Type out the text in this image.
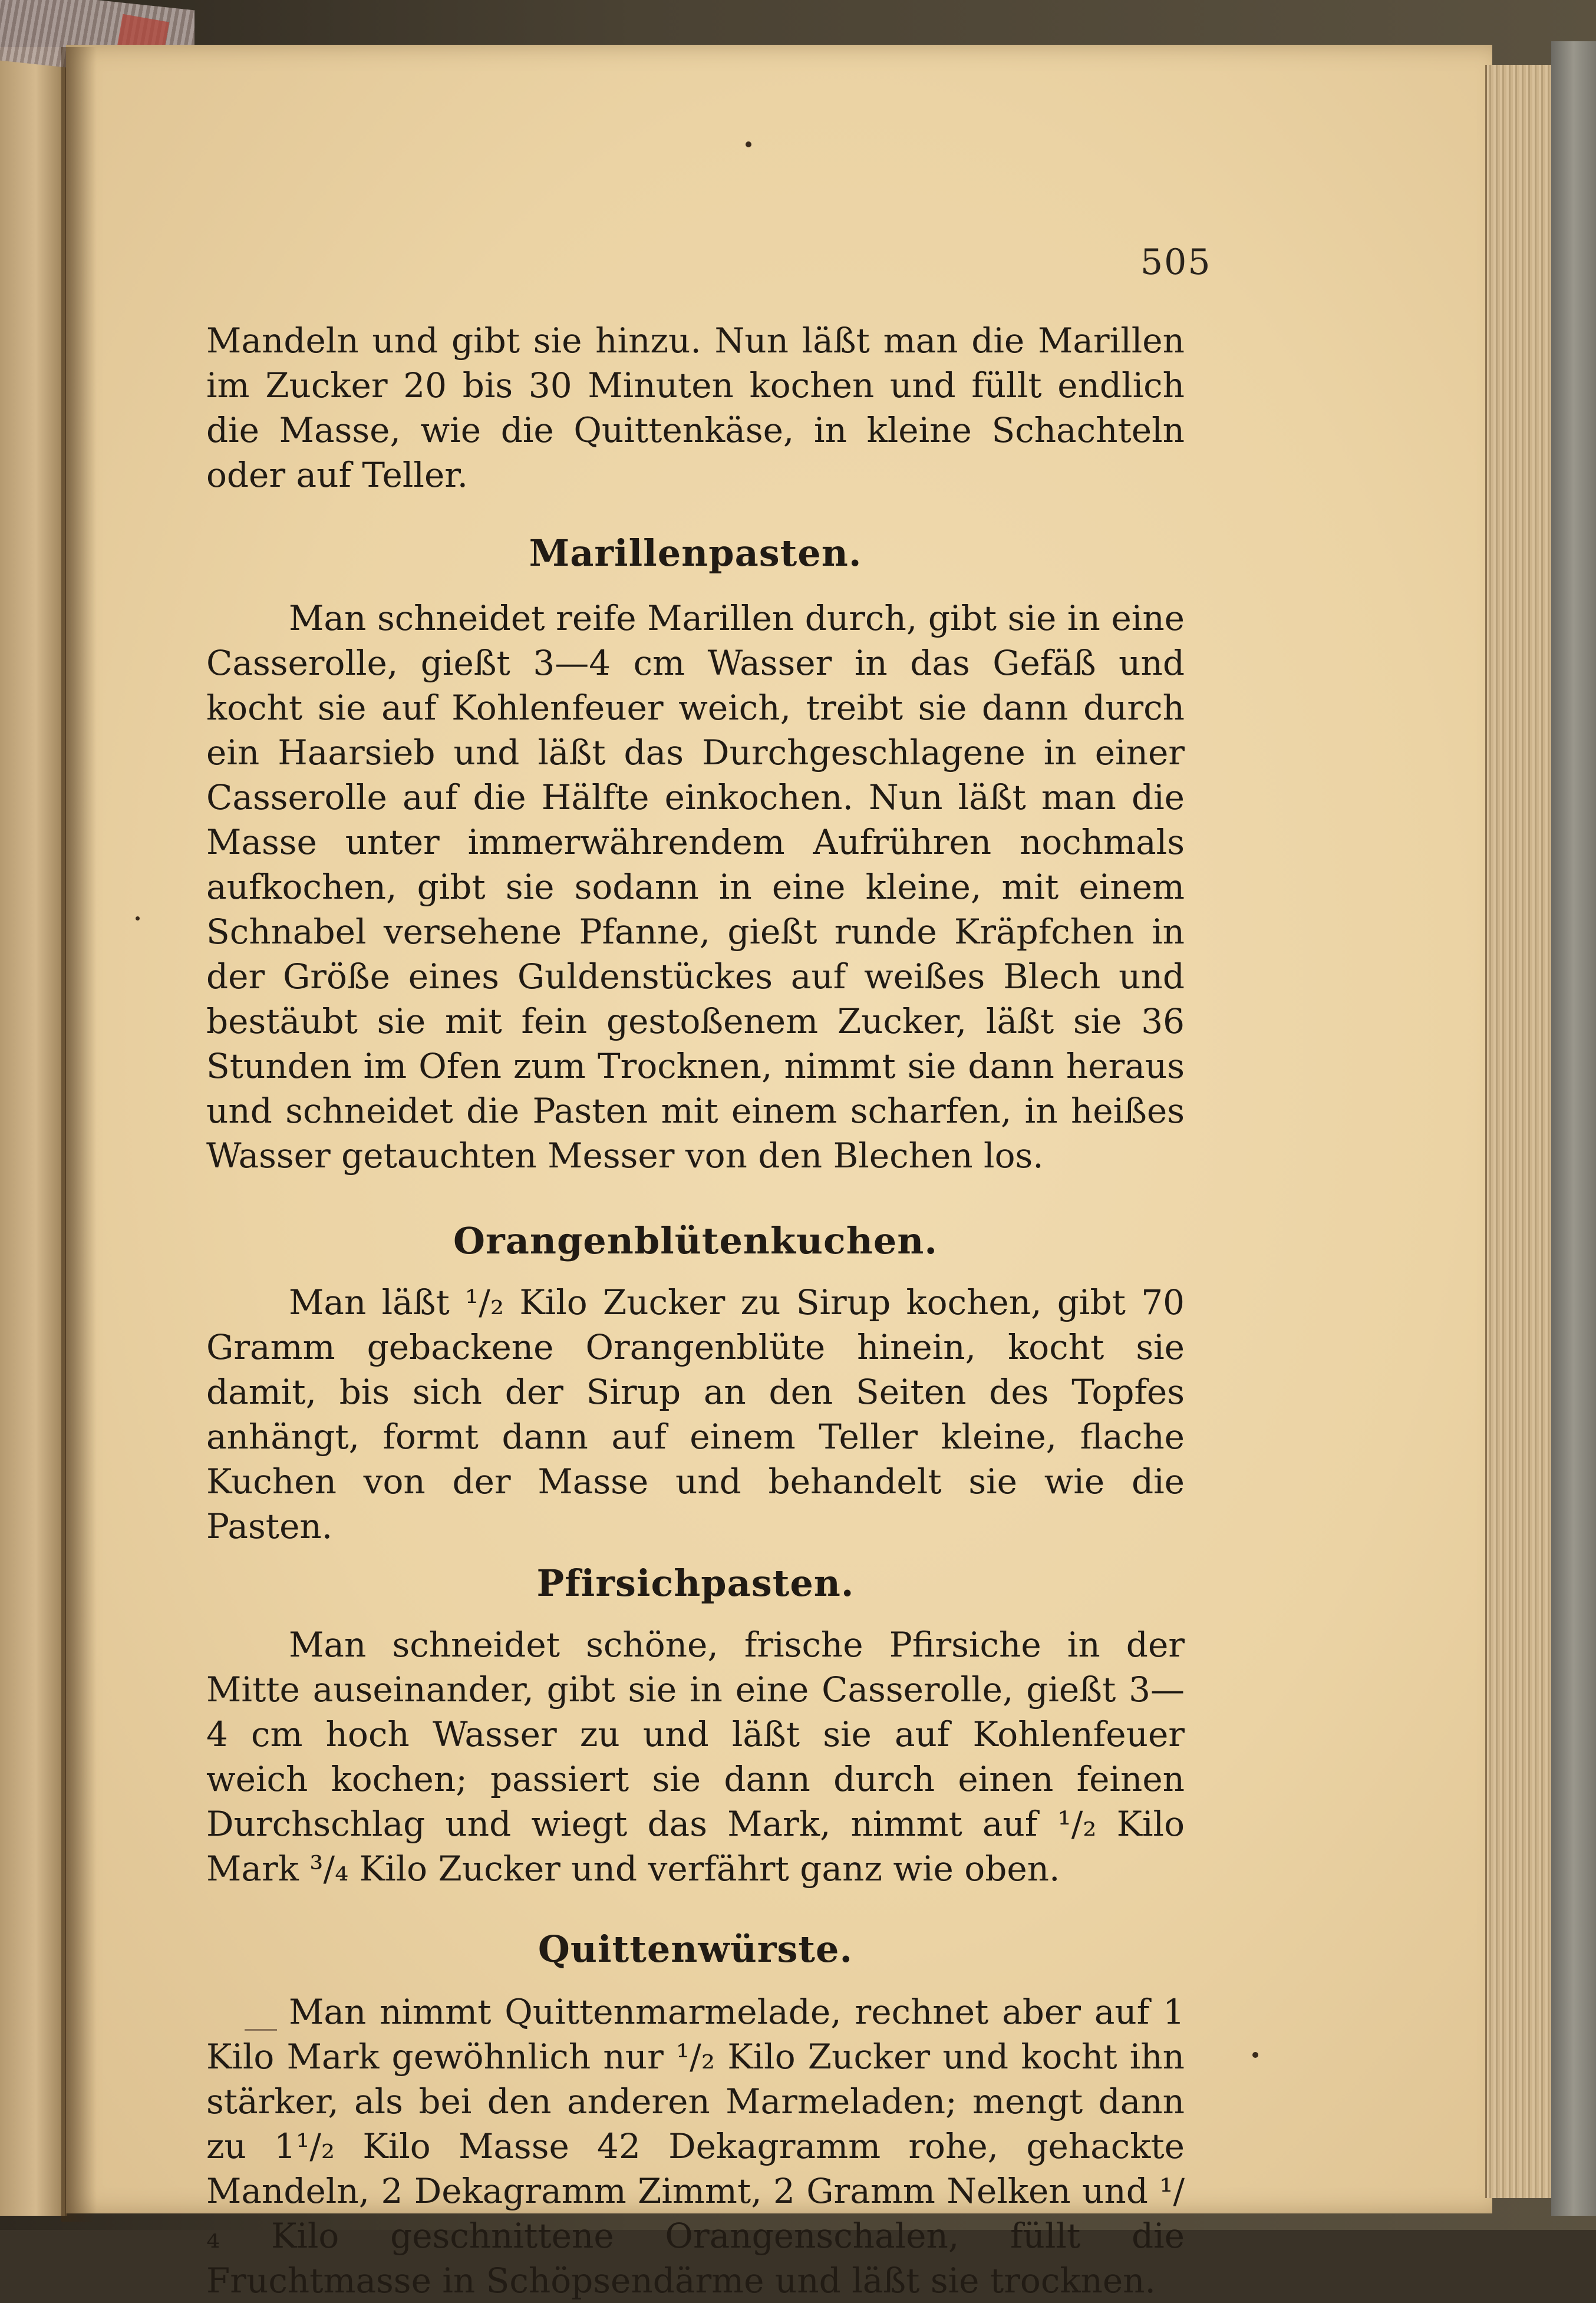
505

Mandeln und gibt sie hinzu. Nun läßt man die Marillen im Zucker 20 bis 30 Minuten kochen und füllt endlich die Masse, wie die Quittenkäse, in kleine Schachteln oder auf Teller.

Marillenpasten.

Man schneidet reife Marillen durch, gibt sie in eine Casserolle, gießt 3—4 cm Wasser in das Gefäß und kocht sie auf Kohlenfeuer weich, treibt sie dann durch ein Haarsieb und läßt das Durchgeschlagene in einer Casserolle auf die Hälfte einkochen. Nun läßt man die Masse unter immerwährendem Aufrühren nochmals aufkochen, gibt sie sodann in eine kleine, mit einem Schnabel versehene Pfanne, gießt runde Kräpfchen in der Größe eines Guldenstückes auf weißes Blech und bestäubt sie mit fein gestoßenem Zucker, läßt sie 36 Stunden im Ofen zum Trocknen, nimmt sie dann heraus und schneidet die Pasten mit einem scharfen, in heißes Wasser getauchten Messer von den Blechen los.

Orangenblütenkuchen.

Man läßt ¹/₂ Kilo Zucker zu Sirup kochen, gibt 70 Gramm gebackene Orangenblüte hinein, kocht sie damit, bis sich der Sirup an den Seiten des Topfes anhängt, formt dann auf einem Teller kleine, flache Kuchen von der Masse und behandelt sie wie die Pasten.

Pfirsichpasten.

Man schneidet schöne, frische Pfirsiche in der Mitte auseinander, gibt sie in eine Casserolle, gießt 3—4 cm hoch Wasser zu und läßt sie auf Kohlenfeuer weich kochen; passiert sie dann durch einen feinen Durchschlag und wiegt das Mark, nimmt auf ¹/₂ Kilo Mark ³/₄ Kilo Zucker und verfährt ganz wie oben.

Quittenwürste.

Man nimmt Quittenmarmelade, rechnet aber auf 1 Kilo Mark gewöhnlich nur ¹/₂ Kilo Zucker und kocht ihn stärker, als bei den anderen Marmeladen; mengt dann zu 1¹/₂ Kilo Masse 42 Dekagramm rohe, gehackte Mandeln, 2 Dekagramm Zimmt, 2 Gramm Nelken und ¹/₄ Kilo geschnittene Orangenschalen, füllt die Fruchtmasse in Schöpsendärme und läßt sie trocknen.
